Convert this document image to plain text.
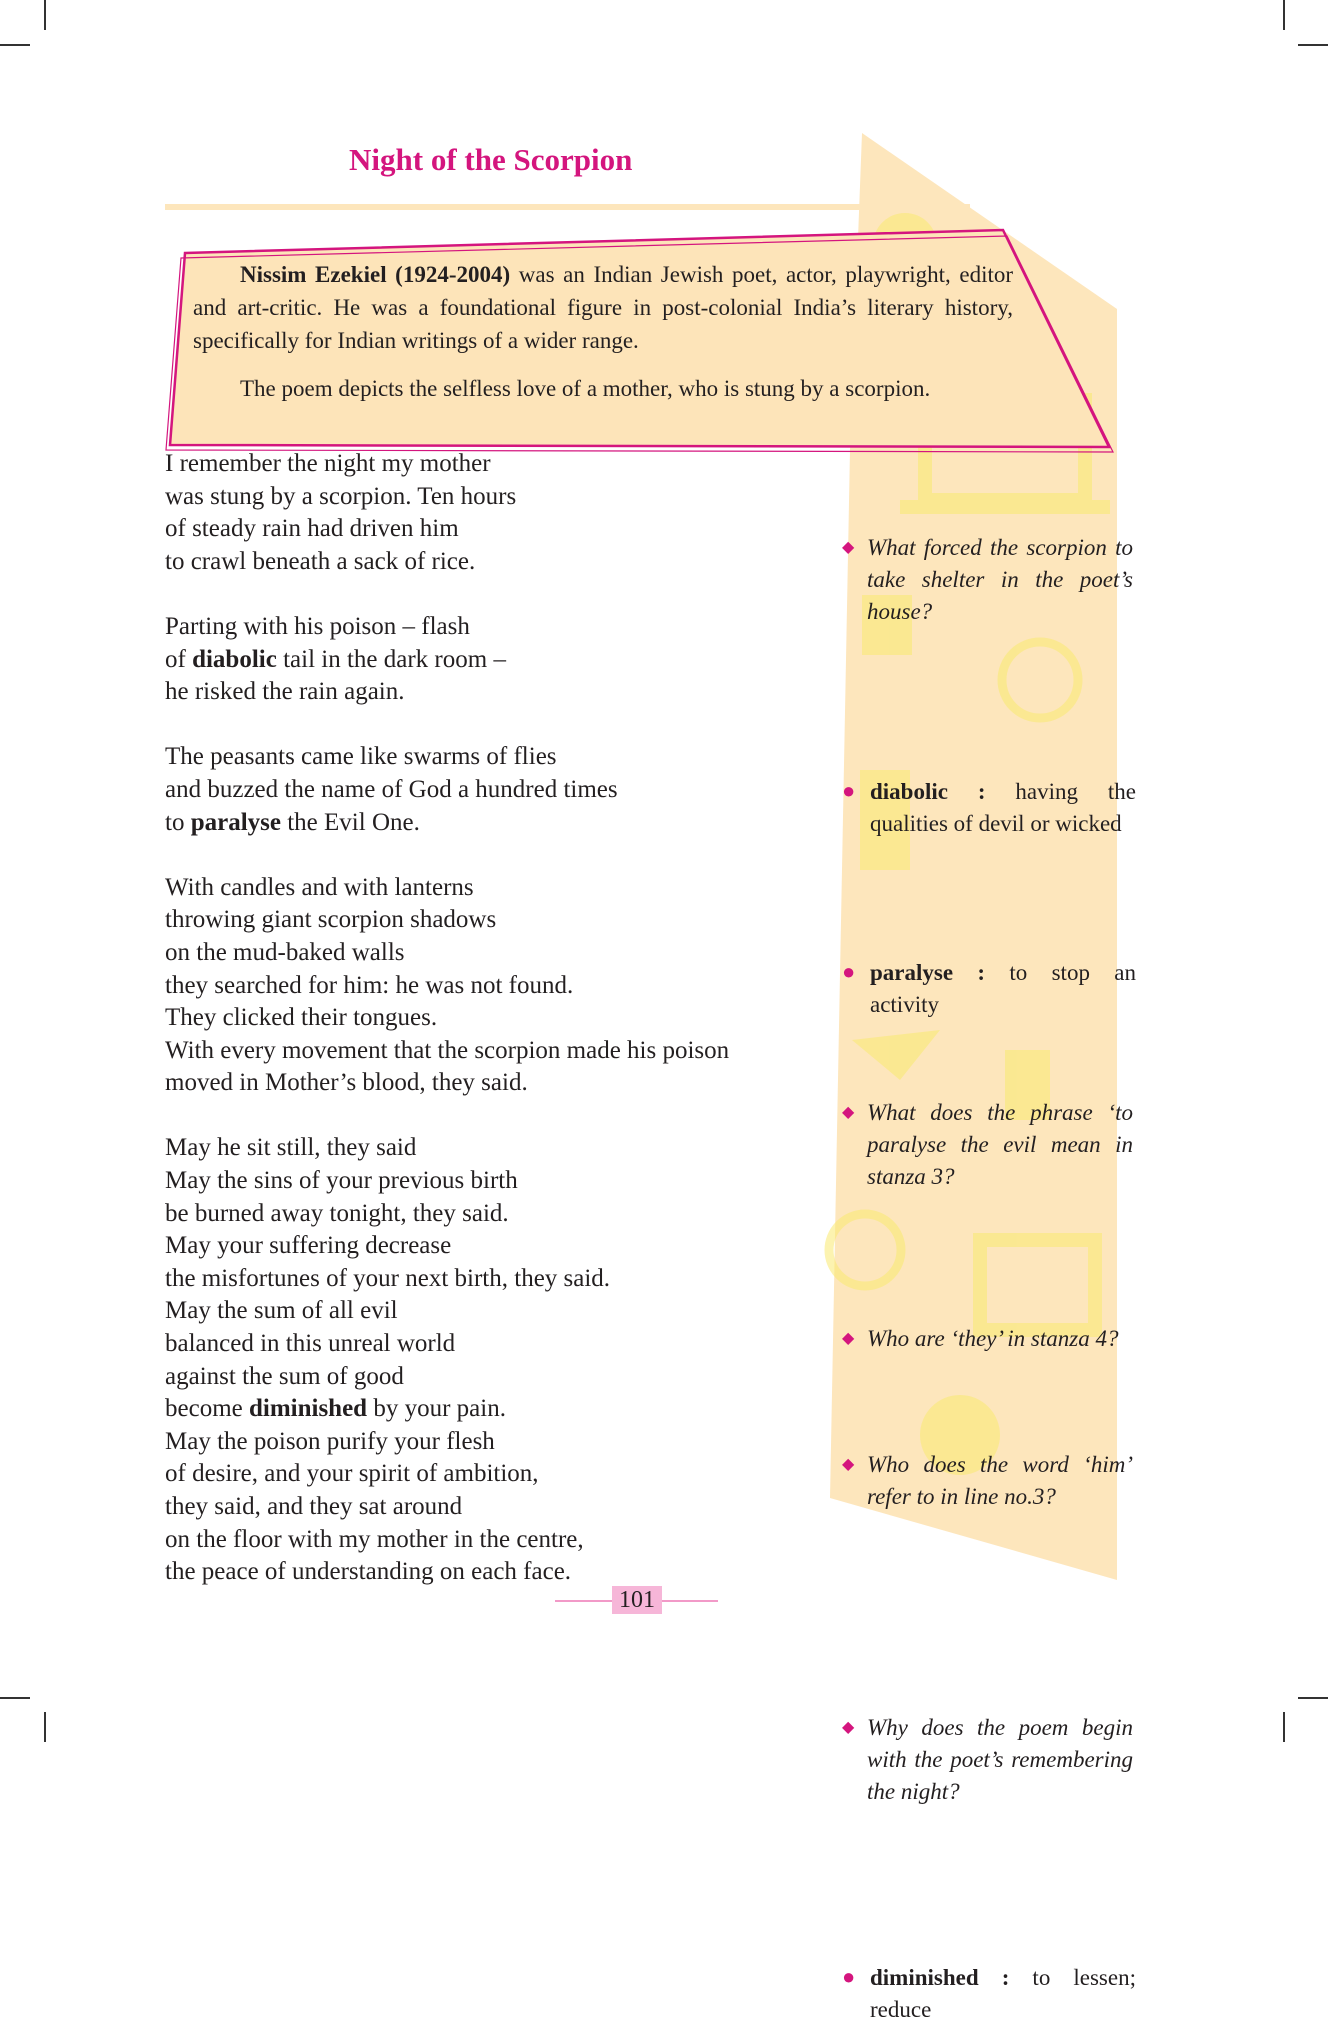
Night of the Scorpion

Nissim Ezekiel (1924-2004) was an Indian Jewish poet, actor, playwright, editor and art-critic. He was a foundational figure in post-colonial India’s literary history, specifically for Indian writings of a wider range.

The poem depicts the selfless love of a mother, who is stung by a scorpion.

I remember the night my mother
was stung by a scorpion. Ten hours
of steady rain had driven him
to crawl beneath a sack of rice.
Parting with his poison – flash
of diabolic tail in the dark room –
he risked the rain again.
The peasants came like swarms of flies
and buzzed the name of God a hundred times
to paralyse the Evil One.
With candles and with lanterns
throwing giant scorpion shadows
on the mud-baked walls
they searched for him: he was not found.
They clicked their tongues.
With every movement that the scorpion made his poison
moved in Mother’s blood, they said.
May he sit still, they said
May the sins of your previous birth
be burned away tonight, they said.
May your suffering decrease
the misfortunes of your next birth, they said.
May the sum of all evil
balanced in this unreal world
against the sum of good
become diminished by your pain.
May the poison purify your flesh
of desire, and your spirit of ambition,
they said, and they sat around
on the floor with my mother in the centre,
the peace of understanding on each face.
◆ What forced the scorpion to take shelter in the poet’s house?
● diabolic : having the qualities of devil or wicked
● paralyse : to stop an activity
◆ What does the phrase ‘to paralyse the evil mean in stanza 3?
◆ Who are ‘they’ in stanza 4?
◆ Who does the word ‘him’ refer to in line no.3?
◆ Why does the poem begin with the poet’s remembering the night?
● diminished : to lessen; reduce
101
